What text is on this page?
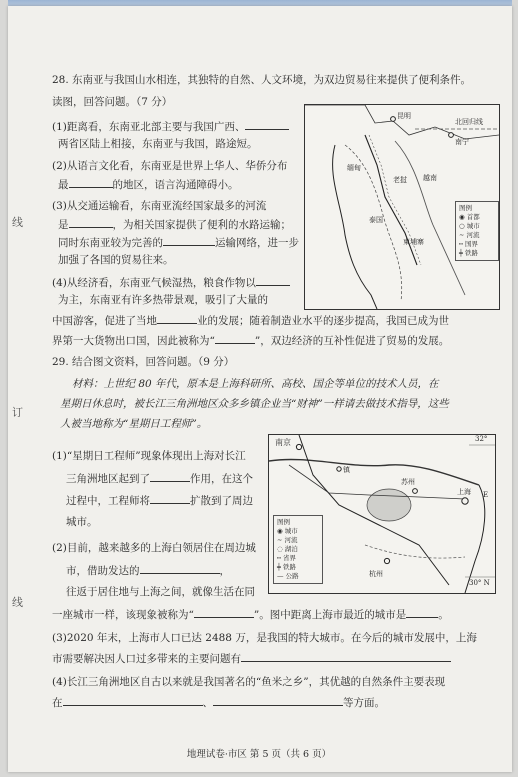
线
订
线
28. 东南亚与我国山水相连，其独特的自然、人文环境，为双边贸易往来提供了便利条件。
读图，回答问题。（7 分）
(1)距离看，东南亚北部主要与我国广西、
两省区陆上相接，东南亚与我国，路途短。
(2)从语言文化看，东南亚是世界上华人、华侨分布
最	的地区，语言沟通障碍小。
(3)从交通运输看，东南亚流经国家最多的河流
是	，为相关国家提供了便利的水路运输；
同时东南亚较为完善的	运输网络，进一步
加强了各国的贸易往来。
(4)从经济看，东南亚气候湿热，粮食作物以
为主，东南亚有许多热带景观，吸引了大量的
中国游客，促进了当地	业的发展；随着制造业水平的逐步提高，我国已成为世
界第一大货物出口国，因此被称为“	”，双边经济的互补性促进了贸易的发展。
昆明
北回归线
南宁
越南
老挝
缅甸
泰国
柬埔寨
图例
◉ 首都
○ 城市
∼ 河流
┅ 国界
╪ 铁路
29. 结合图文资料，回答问题。（9 分）
材料：上世纪 80 年代，原本是上海科研所、高校、国企等单位的技术人员，在
星期日休息时，被长江三角洲地区众多乡镇企业当“财神”一样请去做技术指导，这些
人被当地称为“星期日工程师”。
(1)“星期日工程师”现象体现出上海对长江
三角洲地区起到了	作用，在这个
过程中，工程师将	扩散到了周边
城市。
(2)目前，越来越多的上海白领居住在周边城
市，借助发达的	，
往返于居住地与上海之间，就像生活在同
一座城市一样，该现象被称为“	”。图中距离上海市最近的城市是	。
(3)2020 年末，上海市人口已达 2488 万，是我国的特大城市。在今后的城市发展中，上海
市需要解决因人口过多带来的主要问题有
(4)长江三角洲地区自古以来就是我国著名的“鱼米之乡”，其优越的自然条件主要表现
在	、	等方面。
南京
镇
苏州
上海
杭州
32°
30° N
E
图例
◉ 城市
∼ 河流
◌ 湖泊
┅ 省界
╪ 铁路
— 公路
地理试卷·市区 第 5 页（共 6 页）
